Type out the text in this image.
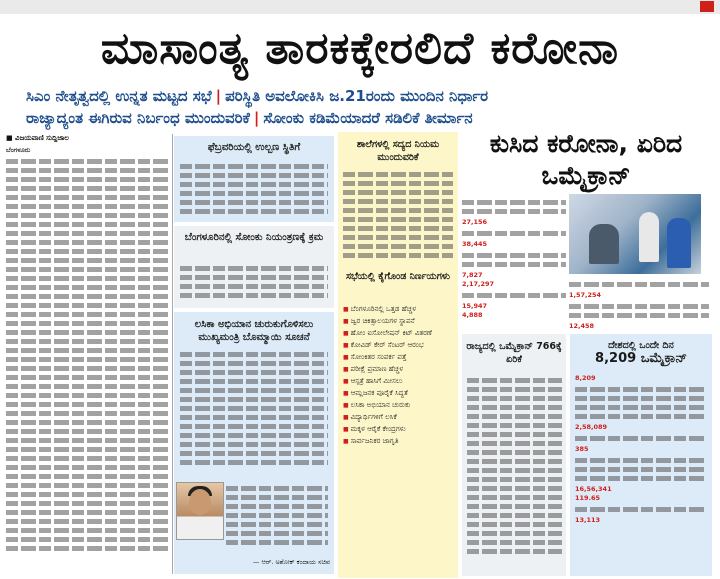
ಮಾಸಾಂತ್ಯ ತಾರಕಕ್ಕೇರಲಿದೆ ಕರೋನಾ
ಸಿಎಂ ನೇತೃತ್ವದಲ್ಲಿ ಉನ್ನತ ಮಟ್ಟದ ಸಭೆ | ಪರಿಸ್ಥಿತಿ ಅವಲೋಕಿಸಿ ಜ.21ರಂದು ಮುಂದಿನ ನಿರ್ಧಾರ
ರಾಜ್ಯಾದ್ಯಂತ ಈಗಿರುವ ನಿರ್ಬಂಧ ಮುಂದುವರಿಕೆ | ಸೋಂಕು ಕಡಿಮೆಯಾದರೆ ಸಡಿಲಿಕೆ ತೀರ್ಮಾನ
■ ವಿಜಯವಾಣಿ ಸುದ್ದಿಜಾಲ
ಬೆಂಗಳೂರು	ಫೆಬ್ರವರಿಯಲ್ಲಿ ಉಲ್ಬಣ ಸ್ಥಿತಿಗೆ
ಬೆಂಗಳೂರಿನಲ್ಲಿ ಸೋಂಕು ನಿಯಂತ್ರಣಕ್ಕೆ ಕ್ರಮ
ಲಸಿಕಾ ಅಭಿಯಾನ ಚುರುಕುಗೊಳಿಸಲು ಮುಖ್ಯಮಂತ್ರಿ ಬೊಮ್ಮಾಯಿ ಸೂಚನೆ
— ಆರ್. ಅಶೋಕ್ ಕಂದಾಯ ಸಚಿವ
ಶಾಲೆಗಳಲ್ಲಿ ಸದ್ಯದ ನಿಯಮ ಮುಂದುವರಿಕೆ
ಸಭೆಯಲ್ಲಿ ಕೈಗೊಂಡ ನಿರ್ಣಯಗಳು
■ ಬೆಂಗಳೂರಿನಲ್ಲಿ ಒತ್ತಡ ಹೆಚ್ಚಳ
■ ಜ್ವರ ಚಿಕಿತ್ಸಾಲಯಗಳ ಸ್ಥಾಪನೆ
■ ಹೋಂ ಐಸೋಲೇಷನ್ ಕಿಟ್ ವಿತರಣೆ
■ ಕೋವಿಡ್ ಕೇರ್ ಸೆಂಟರ್ ಆರಂಭ
■ ಸೋಂಕಿತರ ಸಂಪರ್ಕ ಪತ್ತೆ
■ ಪರೀಕ್ಷೆ ಪ್ರಮಾಣ ಹೆಚ್ಚಳ
■ ಆಸ್ಪತ್ರೆ ಹಾಸಿಗೆ ಮೀಸಲು
■ ಆಮ್ಲಜನಕ ಪೂರೈಕೆ ಸಿದ್ಧತೆ
■ ಲಸಿಕಾ ಅಭಿಯಾನ ಚುರುಕು
■ ವಿದ್ಯಾರ್ಥಿಗಳಿಗೆ ಲಸಿಕೆ
■ ಮಕ್ಕಳ ಆರೈಕೆ ಕೇಂದ್ರಗಳು
■ ಸಾರ್ವಜನಿಕರ ಜಾಗೃತಿ
ಕುಸಿದ ಕರೋನಾ, ಏರಿದ ಒಮೈಕ್ರಾನ್
27,156
38,445
7,827
2,17,297
15,947
4,888
1,57,254
12,458
ರಾಜ್ಯದಲ್ಲಿ ಒಮೈಕ್ರಾನ್ 766ಕ್ಕೆ ಏರಿಕೆ
ದೇಶದಲ್ಲಿ ಒಂದೇ ದಿನ
8,209 ಒಮೈಕ್ರಾನ್
8,209
2,58,089
385
16,56,341
119.65
13,113
